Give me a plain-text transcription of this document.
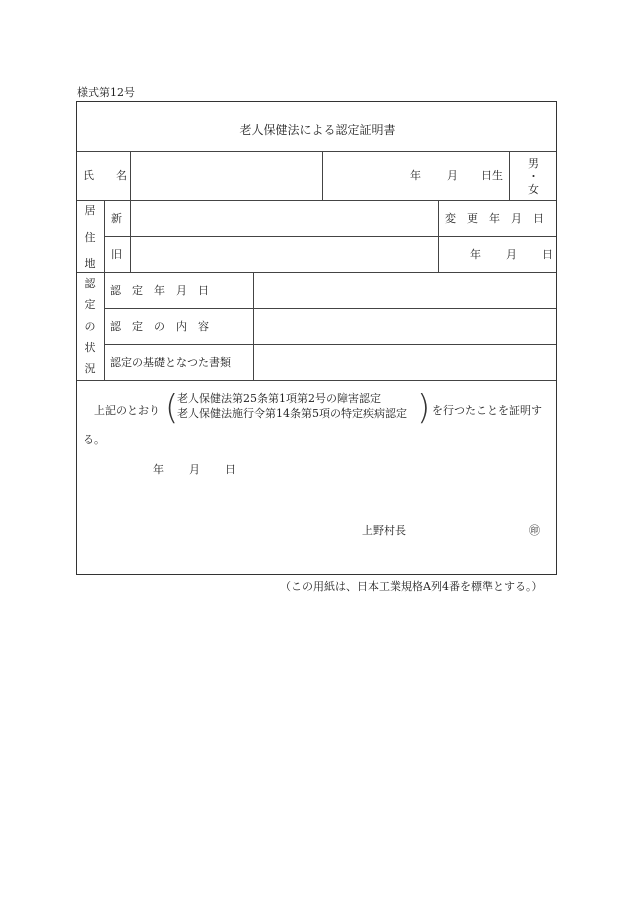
様式第12号
老人保健法による認定証明書
氏　　名	年 月 日生
男
・
女
居
住
地
新
旧
変　更　年　月　日
年 月 日
認
定
の
状
況
認　定　年　月　日
認　定　の　内　容
認定の基礎となつた書類
上記のとおり (
老人保健法第25条第1項第2号の障害認定
老人保健法施行令第14条第5項の特定疾病認定 ) を行つたことを証明す
る。
年 月 日
上野村長	㊞
（この用紙は、日本工業規格A列4番を標準とする。）
